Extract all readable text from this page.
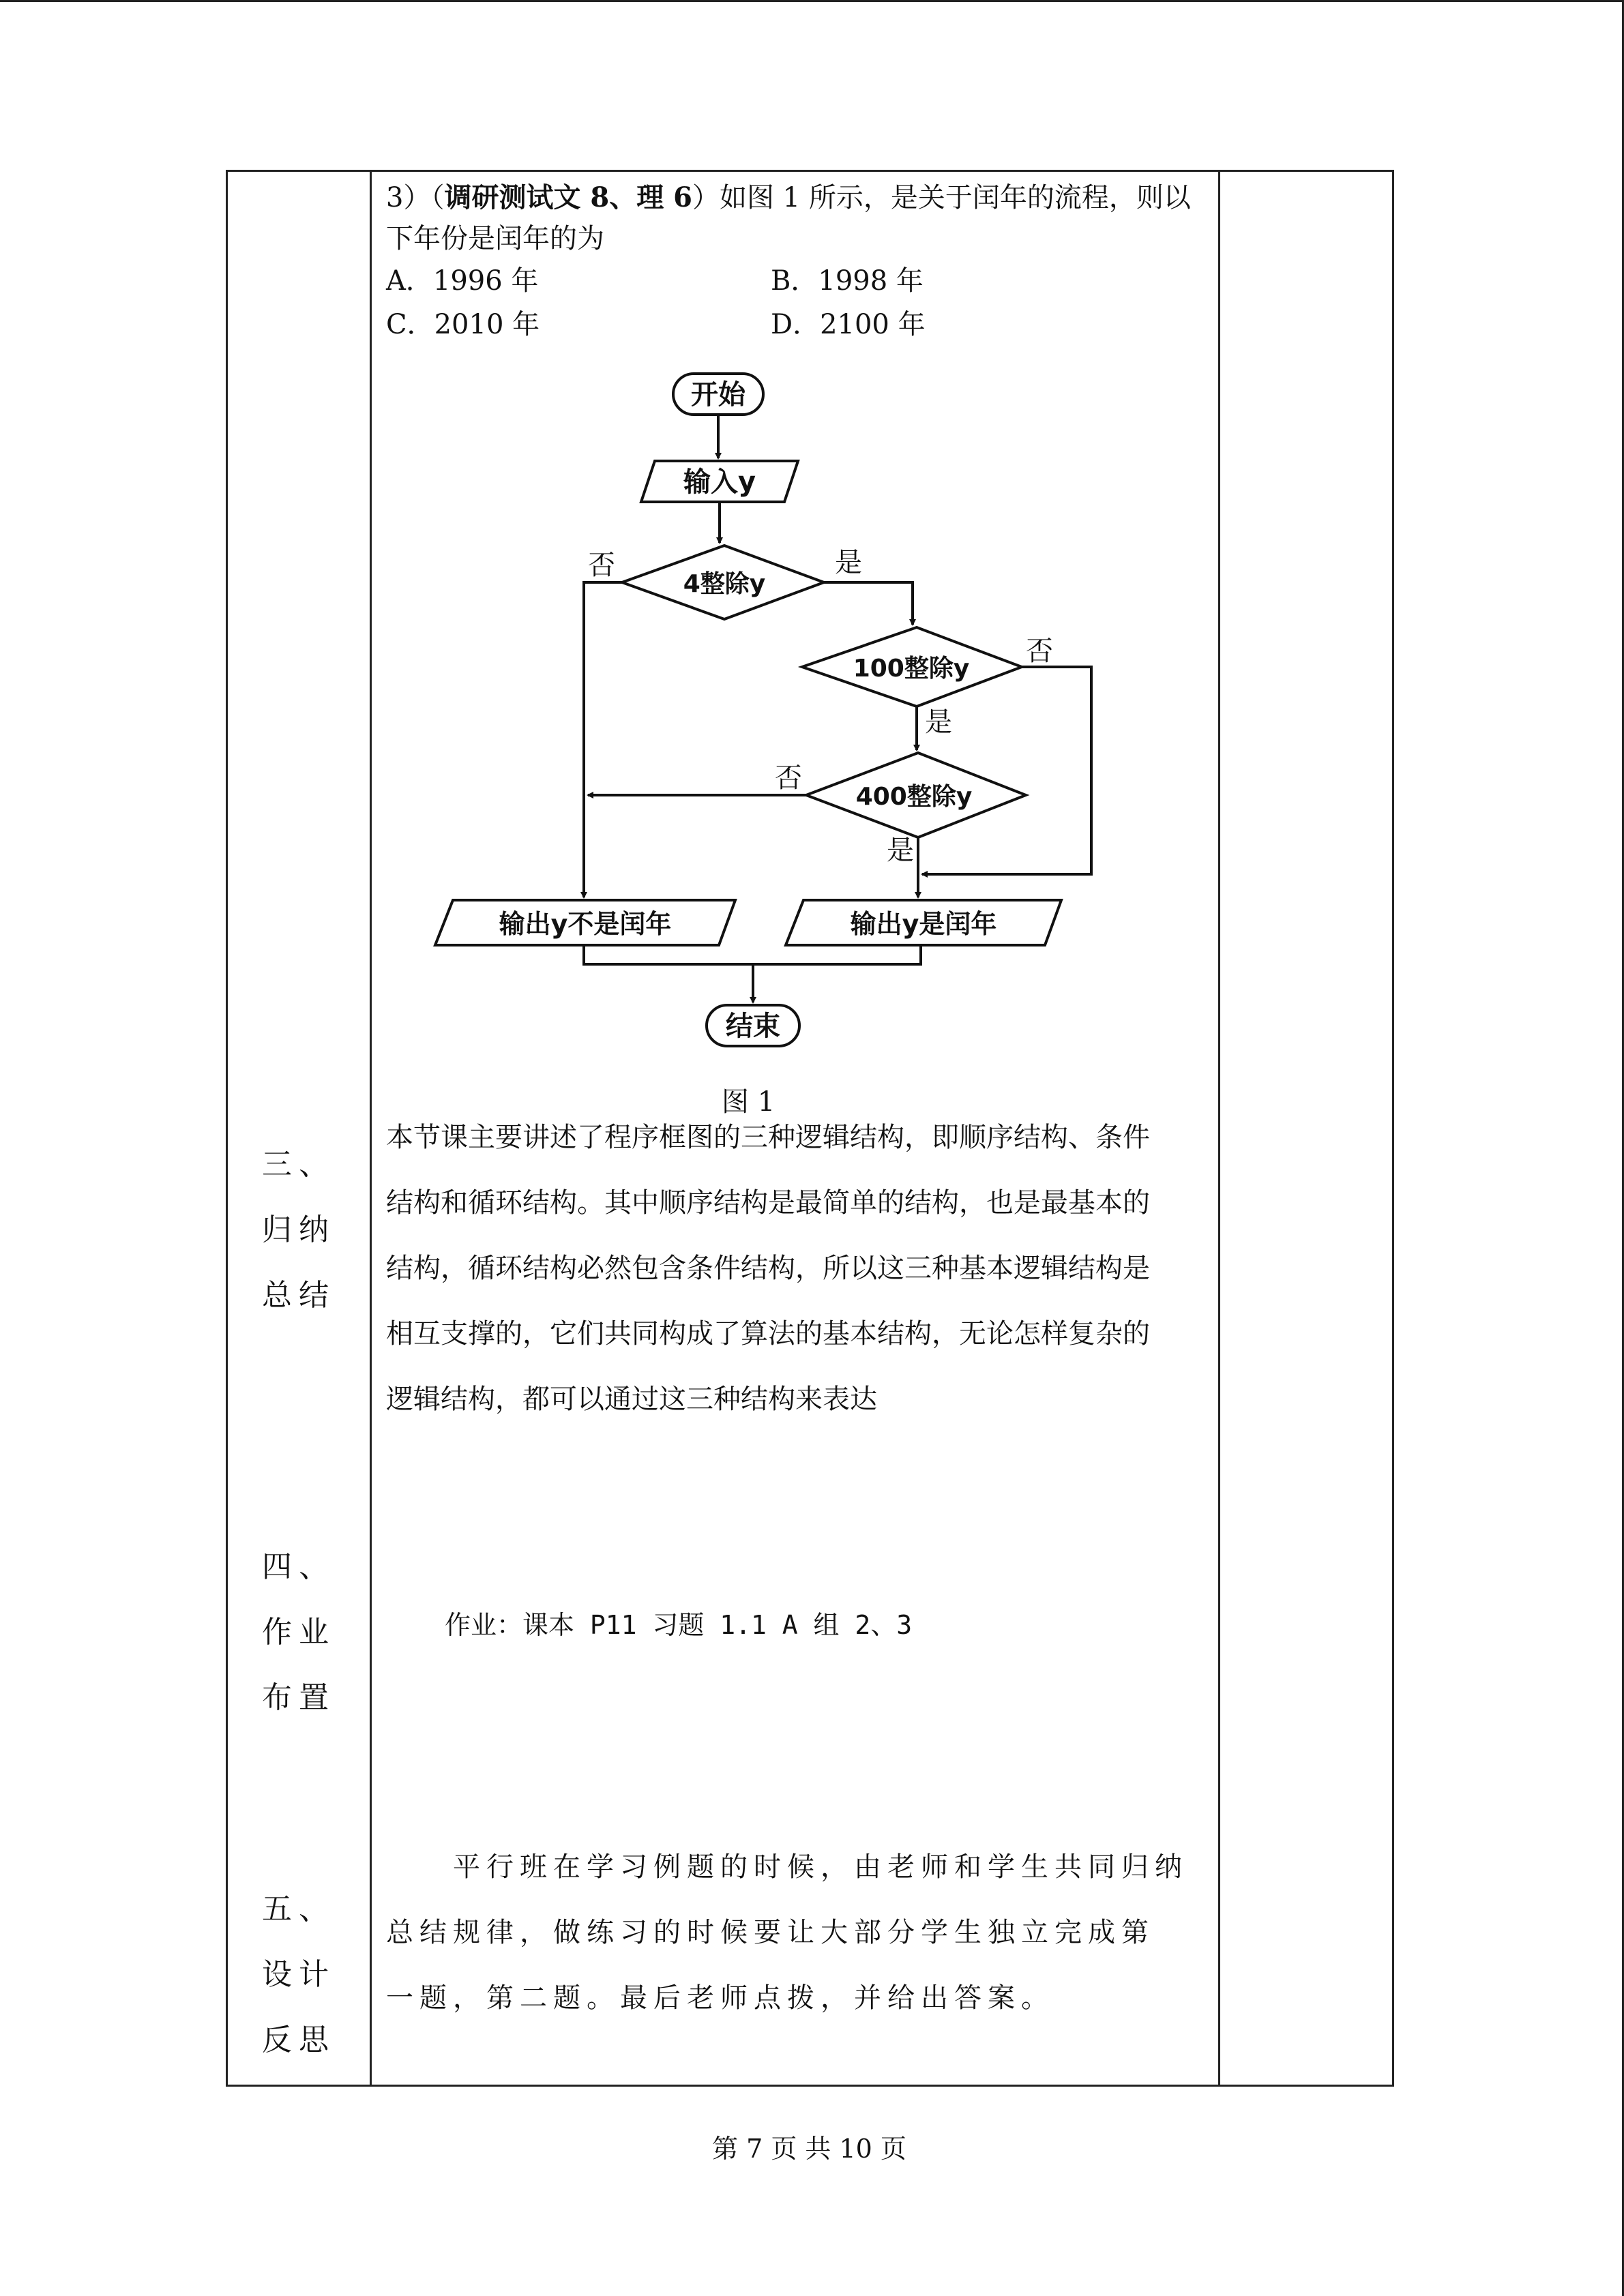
3）（调研测试文 8、理 6）如图 1 所示，是关于闰年的流程，则以
下年份是闰年的为
A．1996 年	B．1998 年
C．2010 年	D．2100 年
开始
输入y
4整除y
100整除y
400整除y
输出y不是闰年	输出y是闰年
结束
否	是
否
是
否
是
图 1
三、
归纳
总结
本节课主要讲述了程序框图的三种逻辑结构，即顺序结构、条件
结构和循环结构。其中顺序结构是最简单的结构，也是最基本的
结构，循环结构必然包含条件结构，所以这三种基本逻辑结构是
相互支撑的，它们共同构成了算法的基本结构，无论怎样复杂的
逻辑结构，都可以通过这三种结构来表达
四、
作业
布置
作业：课本 P11 习题 1.1 A 组 2、3
五、
设计
反思
　　平行班在学习例题的时候，由老师和学生共同归纳
总结规律，做练习的时候要让大部分学生独立完成第
一题，第二题。最后老师点拨，并给出答案。
第 7 页 共 10 页
